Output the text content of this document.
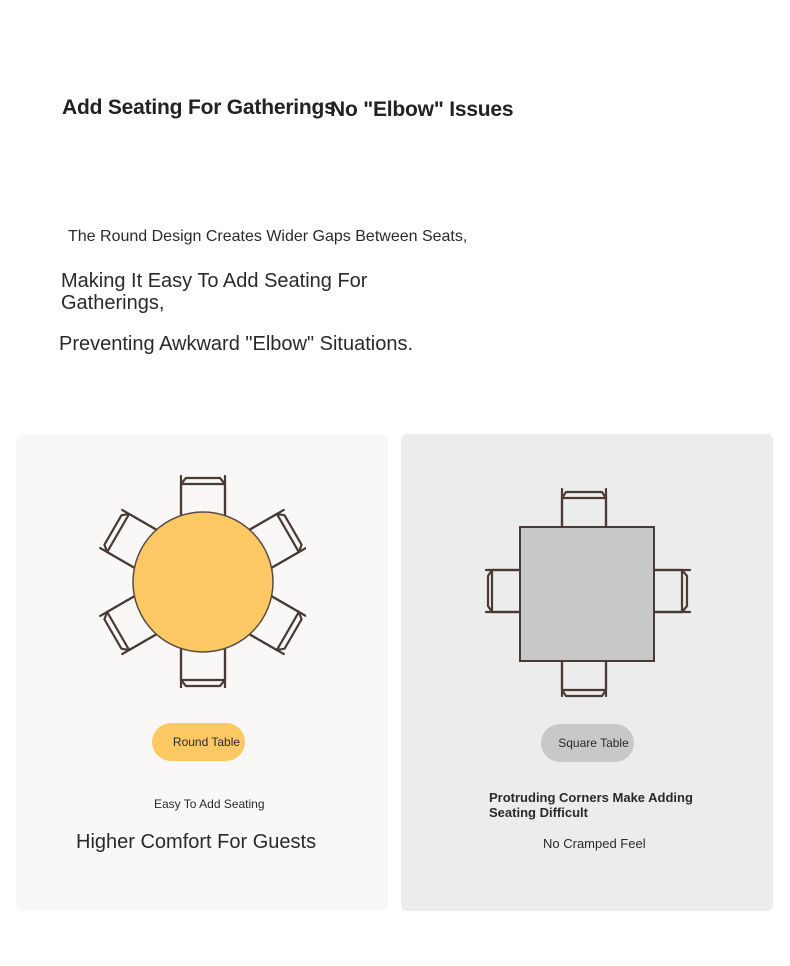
Add Seating For Gatherings
No "Elbow" Issues
The Round Design Creates Wider Gaps Between Seats,
Making It Easy To Add Seating For
Gatherings,
Preventing Awkward "Elbow" Situations.
Round Table
Easy To Add Seating
Higher Comfort For Guests
Square Table
Protruding Corners Make Adding
Seating Difficult
No Cramped Feel
